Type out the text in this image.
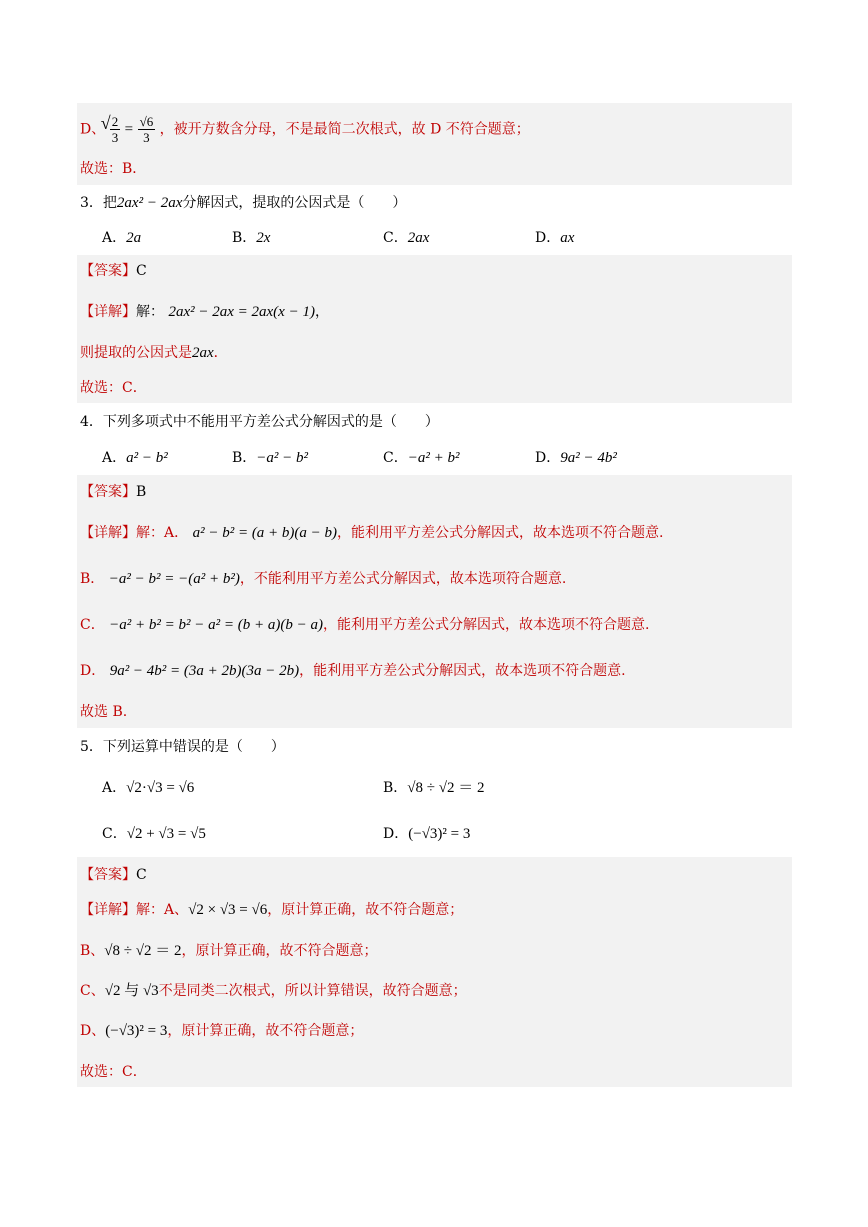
D、
√ 2
$3 = \frac{√6}{3}$ ，被开方数含分母，不是最简二次根式，故 D 不符合题意；
故选：B．
3．把2ax² − 2ax分解因式，提取的公因式是（　　）
A．2a	B．2x	C．2ax	D．ax
【答案】C
【详解】解： 2ax² − 2ax = 2ax(x − 1)，
则提取的公因式是2ax．
故选：C．
4．下列多项式中不能用平方差公式分解因式的是（　　）
A．a² − b²	B．−a² − b²	C．−a² + b²	D．9a² − 4b²
【答案】B
【详解】解：A． a² − b² = (a + b)(a − b)，能利用平方差公式分解因式，故本选项不符合题意.
B． −a² − b² = −(a² + b²)，不能利用平方差公式分解因式，故本选项符合题意.
C． −a² + b² = b² − a² = (b + a)(b − a)，能利用平方差公式分解因式，故本选项不符合题意.
D． 9a² − 4b² = (3a + 2b)(3a − 2b)，能利用平方差公式分解因式，故本选项不符合题意.
故选 B.
5．下列运算中错误的是（　　）
A．√2·√3 = √6	B．√8 ÷ √2 ＝ 2
C．√2 + √3 = √5	D．(−√3)² = 3
【答案】C
【详解】解：A、√2 × √3 = √6，原计算正确，故不符合题意；
B、√8 ÷ √2 ＝ 2，原计算正确，故不符合题意；
C、√2 与 √3不是同类二次根式，所以计算错误，故符合题意；
D、(−√3)² = 3，原计算正确，故不符合题意；
故选：C．
